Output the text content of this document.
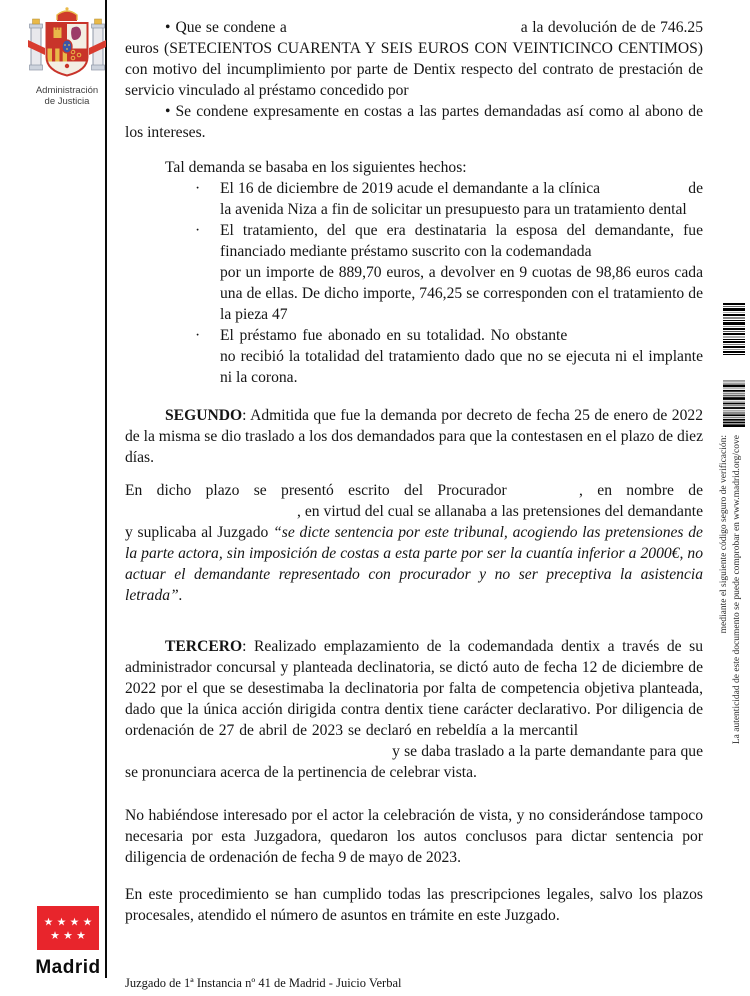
Administración
de Justicia
Madrid

• Que se condene a	a la devolución de de 746.25 euros (SETECIENTOS CUARENTA Y SEIS EUROS CON VEINTICINCO CENTIMOS) con motivo del incumplimiento por parte de Dentix respecto del contrato de prestación de servicio vinculado al préstamo concedido por

• Se condene expresamente en costas a las partes demandadas así como al abono de los intereses.

Tal demanda se basaba en los siguientes hechos:

· El 16 de diciembre de 2019 acude el demandante a la clínica	de la avenida Niza a fin de solicitar un presupuesto para un tratamiento dental
· El tratamiento, del que era destinataria la esposa del demandante, fue financiado mediante préstamo suscrito con la codemandada
por un importe de 889,70 euros, a devolver en 9 cuotas de 98,86 euros cada una de ellas. De dicho importe, 746,25 se corresponden con el tratamiento de la pieza 47
· El préstamo fue abonado en su totalidad. No obstante  no recibió la totalidad del tratamiento dado que no se ejecuta ni el implante ni la corona.

SEGUNDO: Admitida que fue la demanda por decreto de fecha 25 de enero de 2022 de la misma se dio traslado a los dos demandados para que la contestasen en el plazo de diez días.

En dicho plazo se presentó escrito del Procurador	, en nombre de , en virtud del cual se allanaba a las pretensiones del demandante y suplicaba al Juzgado “se dicte sentencia por este tribunal, acogiendo las pretensiones de la parte actora, sin imposición de costas a esta parte por ser la cuantía inferior a 2000€, no actuar el demandante representado con procurador y no ser preceptiva la asistencia letrada”.

TERCERO: Realizado emplazamiento de la codemandada dentix a través de su administrador concursal y planteada declinatoria, se dictó auto de fecha 12 de diciembre de 2022 por el que se desestimaba la declinatoria por falta de competencia objetiva planteada, dado que la única acción dirigida contra dentix tiene carácter declarativo. Por diligencia de ordenación de 27 de abril de 2023 se declaró en rebeldía a la mercantil   y se daba traslado a la parte demandante para que se pronunciara acerca de la pertinencia de celebrar vista.

No habiéndose interesado por el actor la celebración de vista, y no considerándose tampoco necesaria por esta Juzgadora, quedaron los autos conclusos para dictar sentencia por diligencia de ordenación de fecha 9 de mayo de 2023.

En este procedimiento se han cumplido todas las prescripciones legales, salvo los plazos procesales, atendido el número de asuntos en trámite en este Juzgado.

mediante el siguiente código seguro de verificación: La autenticidad de este documento se puede comprobar en www.madrid.org/cove
Juzgado de 1ª Instancia nº 41 de Madrid - Juicio Verbal
